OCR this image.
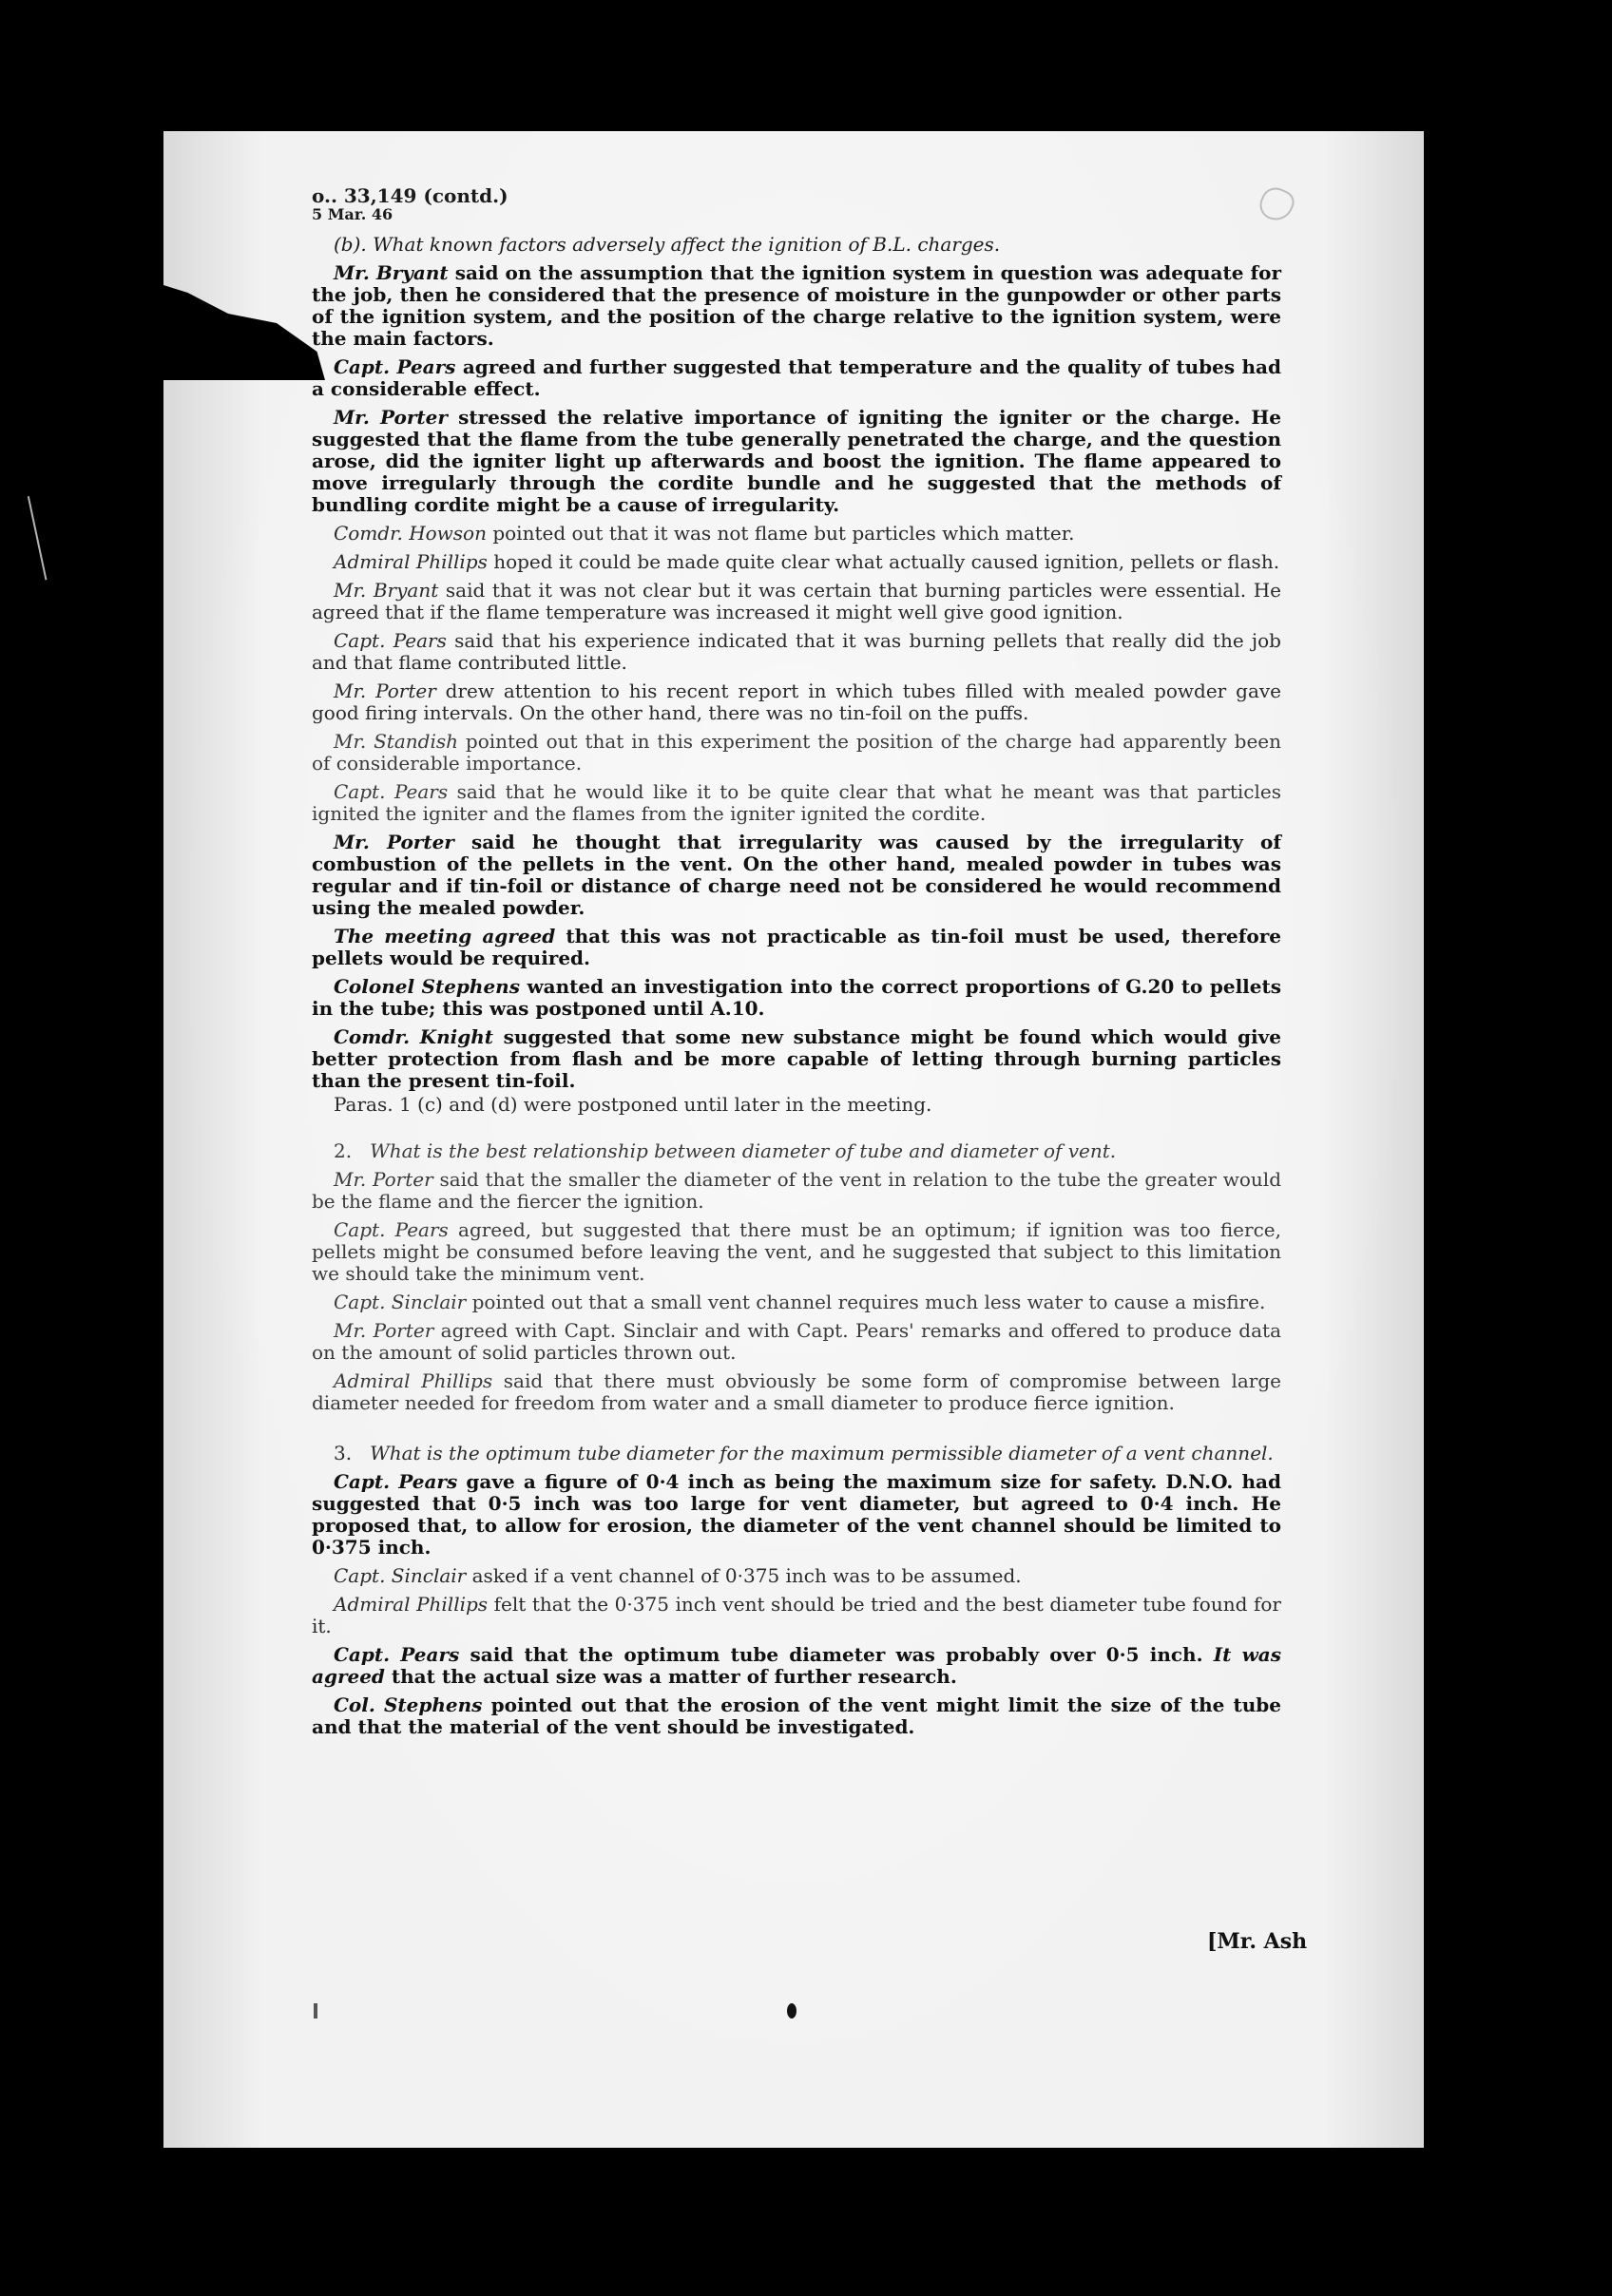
o.. 33,149 (contd.)
5 Mar. 46

(b). What known factors adversely affect the ignition of B.L. charges.

Mr. Bryant said on the assumption that the ignition system in question was adequate for the job, then he considered that the presence of moisture in the gunpowder or other parts of the ignition system, and the position of the charge relative to the ignition system, were the main factors.

Capt. Pears agreed and further suggested that temperature and the quality of tubes had a considerable effect.

Mr. Porter stressed the relative importance of igniting the igniter or the charge. He suggested that the flame from the tube generally penetrated the charge, and the question arose, did the igniter light up afterwards and boost the ignition. The flame appeared to move irregularly through the cordite bundle and he suggested that the methods of bundling cordite might be a cause of irregularity.

Comdr. Howson pointed out that it was not flame but particles which matter.

Admiral Phillips hoped it could be made quite clear what actually caused ignition, pellets or flash.

Mr. Bryant said that it was not clear but it was certain that burning particles were essential. He agreed that if the flame temperature was increased it might well give good ignition.

Capt. Pears said that his experience indicated that it was burning pellets that really did the job and that flame contributed little.

Mr. Porter drew attention to his recent report in which tubes filled with mealed powder gave good firing intervals. On the other hand, there was no tin-foil on the puffs.

Mr. Standish pointed out that in this experiment the position of the charge had apparently been of considerable importance.

Capt. Pears said that he would like it to be quite clear that what he meant was that particles ignited the igniter and the flames from the igniter ignited the cordite.

Mr. Porter said he thought that irregularity was caused by the irregularity of combustion of the pellets in the vent. On the other hand, mealed powder in tubes was regular and if tin-foil or distance of charge need not be considered he would recommend using the mealed powder.

The meeting agreed that this was not practicable as tin-foil must be used, therefore pellets would be required.

Colonel Stephens wanted an investigation into the correct proportions of G.20 to pellets in the tube; this was postponed until A.10.

Comdr. Knight suggested that some new substance might be found which would give better protection from flash and be more capable of letting through burning particles than the present tin-foil.

Paras. 1 (c) and (d) were postponed until later in the meeting.

2. What is the best relationship between diameter of tube and diameter of vent.

Mr. Porter said that the smaller the diameter of the vent in relation to the tube the greater would be the flame and the fiercer the ignition.

Capt. Pears agreed, but suggested that there must be an optimum; if ignition was too fierce, pellets might be consumed before leaving the vent, and he suggested that subject to this limitation we should take the minimum vent.

Capt. Sinclair pointed out that a small vent channel requires much less water to cause a misfire.

Mr. Porter agreed with Capt. Sinclair and with Capt. Pears' remarks and offered to produce data on the amount of solid particles thrown out.

Admiral Phillips said that there must obviously be some form of compromise between large diameter needed for freedom from water and a small diameter to produce fierce ignition.

3. What is the optimum tube diameter for the maximum permissible diameter of a vent channel.

Capt. Pears gave a figure of 0·4 inch as being the maximum size for safety. D.N.O. had suggested that 0·5 inch was too large for vent diameter, but agreed to 0·4 inch. He proposed that, to allow for erosion, the diameter of the vent channel should be limited to 0·375 inch.

Capt. Sinclair asked if a vent channel of 0·375 inch was to be assumed.

Admiral Phillips felt that the 0·375 inch vent should be tried and the best diameter tube found for it.

Capt. Pears said that the optimum tube diameter was probably over 0·5 inch. It was agreed that the actual size was a matter of further research.

Col. Stephens pointed out that the erosion of the vent might limit the size of the tube and that the material of the vent should be investigated.

[Mr. Ash
